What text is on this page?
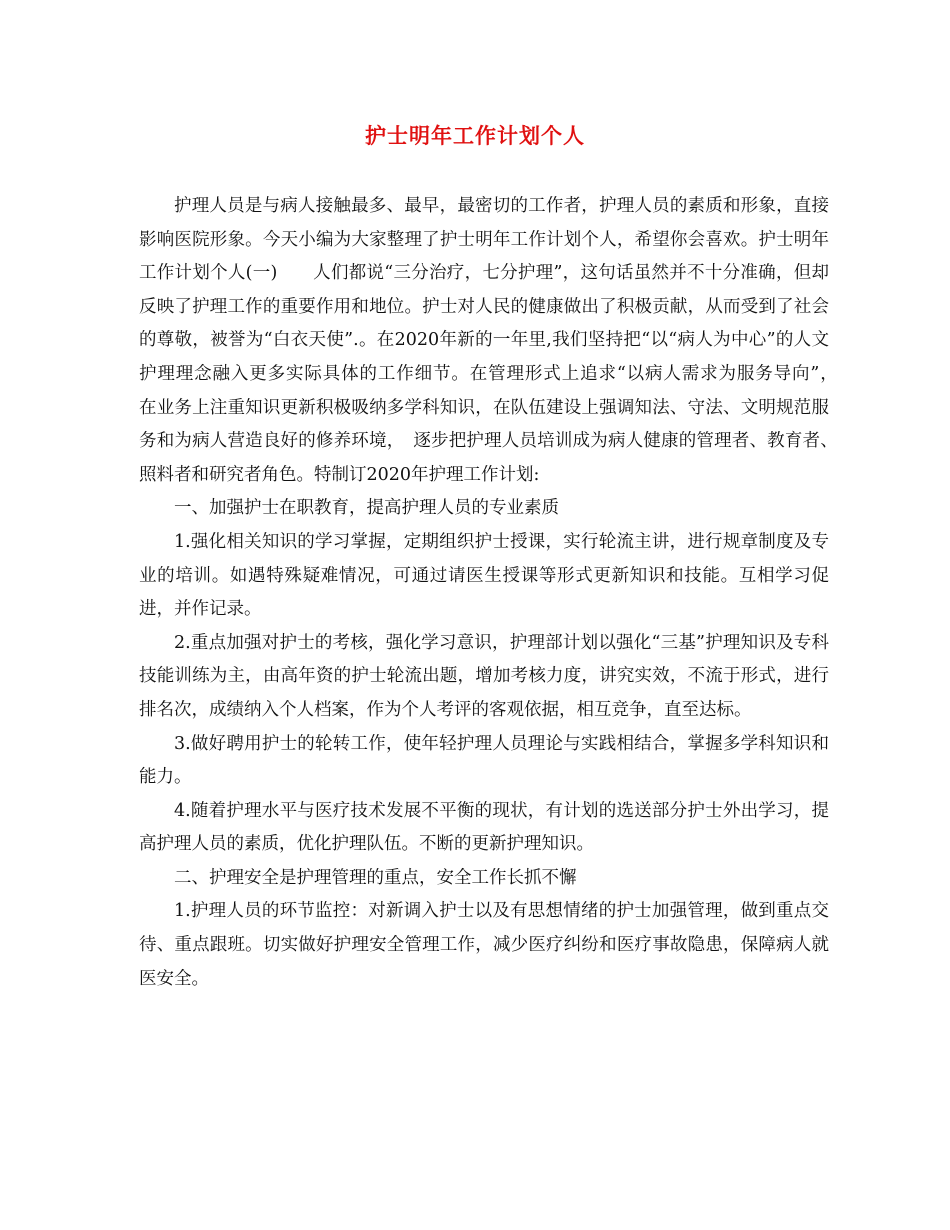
护士明年工作计划个人

护理人员是与病人接触最多、最早，最密切的工作者，护理人员的素质和形象，直接影响医院形象。今天小编为大家整理了护士明年工作计划个人，希望你会喜欢。护士明年工作计划个人(一)　　人们都说“三分治疗，七分护理”，这句话虽然并不十分准确，但却反映了护理工作的重要作用和地位。护士对人民的健康做出了积极贡献，从而受到了社会的尊敬，被誉为“白衣天使”.。在2020年新的一年里,我们坚持把“以“病人为中心”的人文护理理念融入更多实际具体的工作细节。在管理形式上追求“以病人需求为服务导向”，　在业务上注重知识更新积极吸纳多学科知识，在队伍建设上强调知法、守法、文明规范服务和为病人营造良好的修养环境，　逐步把护理人员培训成为病人健康的管理者、教育者、　照料者和研究者角色。特制订2020年护理工作计划:

一、加强护士在职教育，提高护理人员的专业素质

1.强化相关知识的学习掌握，定期组织护士授课，实行轮流主讲，进行规章制度及专业的培训。如遇特殊疑难情况，可通过请医生授课等形式更新知识和技能。互相学习促进，并作记录。

2.重点加强对护士的考核，强化学习意识，护理部计划以强化“三基”护理知识及专科技能训练为主，由高年资的护士轮流出题，增加考核力度，讲究实效，不流于形式，进行排名次，成绩纳入个人档案，作为个人考评的客观依据，相互竞争，直至达标。

3.做好聘用护士的轮转工作，使年轻护理人员理论与实践相结合，掌握多学科知识和能力。

4.随着护理水平与医疗技术发展不平衡的现状，有计划的选送部分护士外出学习，提高护理人员的素质，优化护理队伍。不断的更新护理知识。

二、护理安全是护理管理的重点，安全工作长抓不懈

1.护理人员的环节监控：对新调入护士以及有思想情绪的护士加强管理，做到重点交待、重点跟班。切实做好护理安全管理工作，减少医疗纠纷和医疗事故隐患，保障病人就医安全。
